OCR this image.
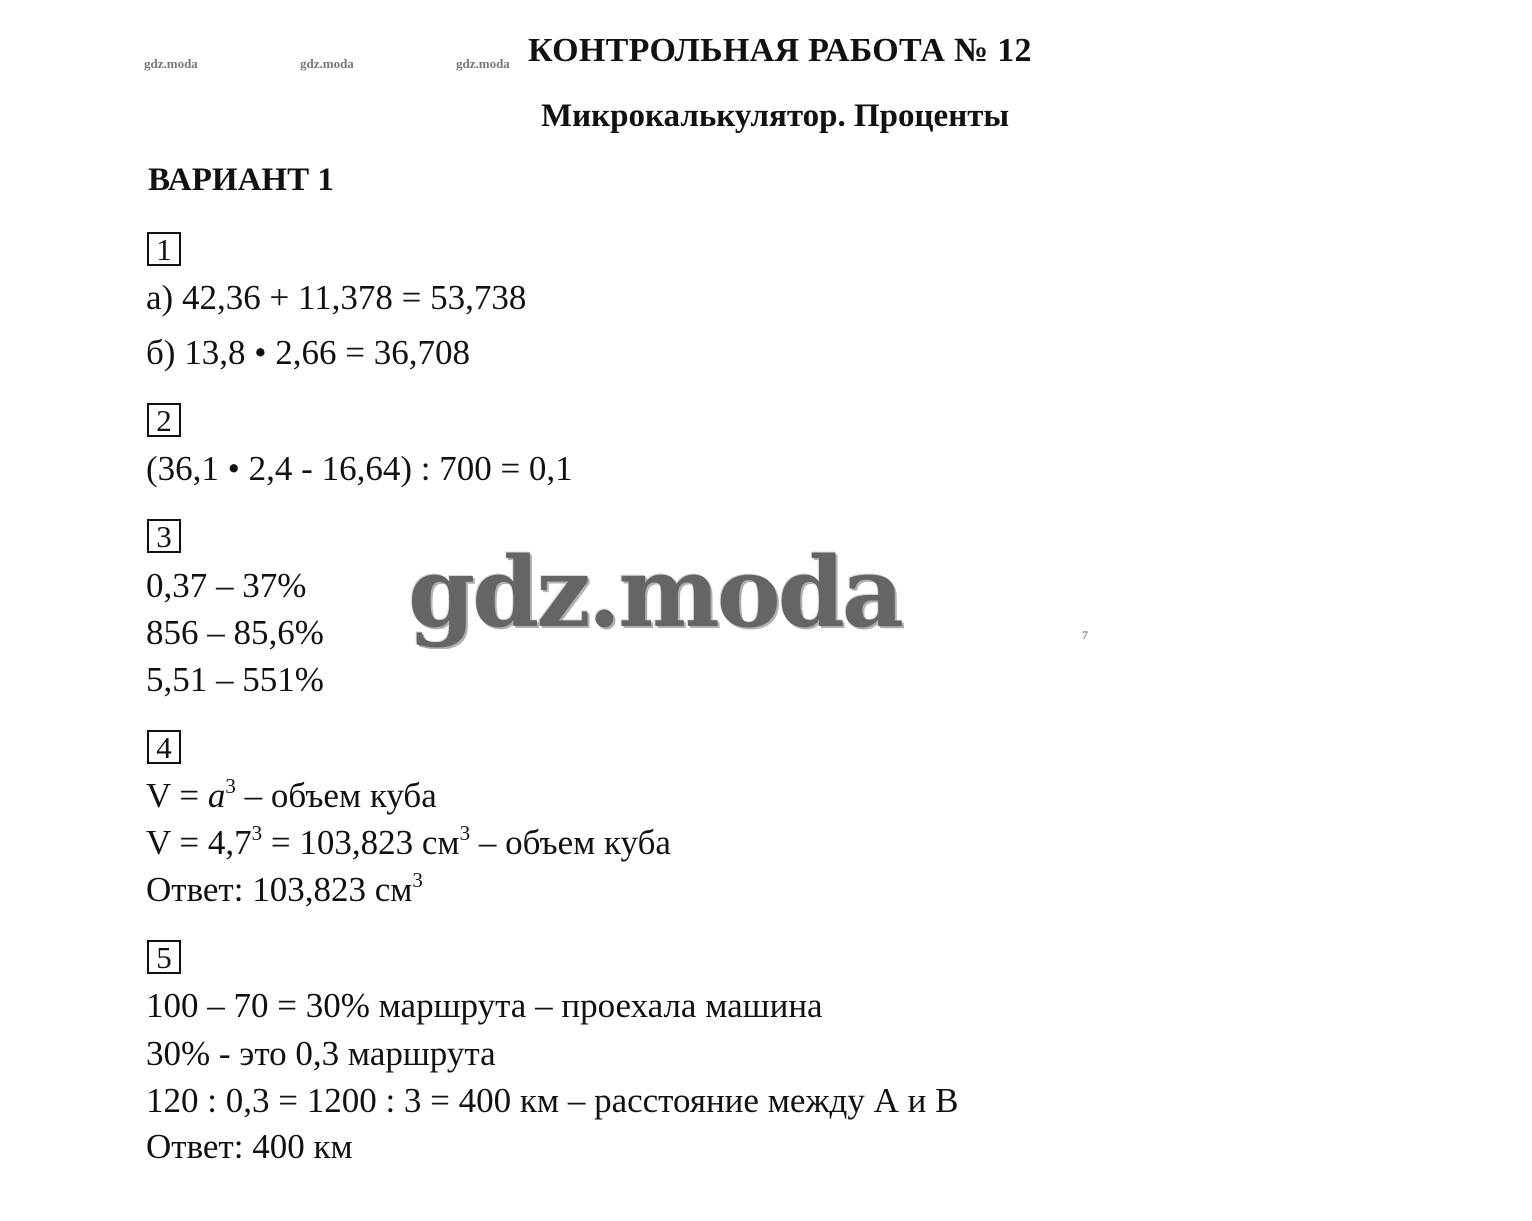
gdz.moda	gdz.moda	gdz.moda КОНТРОЛЬНАЯ РАБОТА № 12
Микрокалькулятор. Проценты
ВАРИАНТ 1
1
а) 42,36 + 11,378 = 53,738
б) 13,8 • 2,66 = 36,708
2
(36,1 • 2,4 - 16,64) : 700 = 0,1
3
0,37 – 37%
856 – 85,6%
5,51 – 551%
gdz.moda	7
4
$V = a^3$ – объем куба
$V = 4,7^3 = 103,823$ $см^3$ – объем куба
Ответ: 103,823 $см^3$
5
100 – 70 = 30% маршрута – проехала машина
30% - это 0,3 маршрута
120 : 0,3 = 1200 : 3 = 400 км – расстояние между А и В
Ответ: 400 км
